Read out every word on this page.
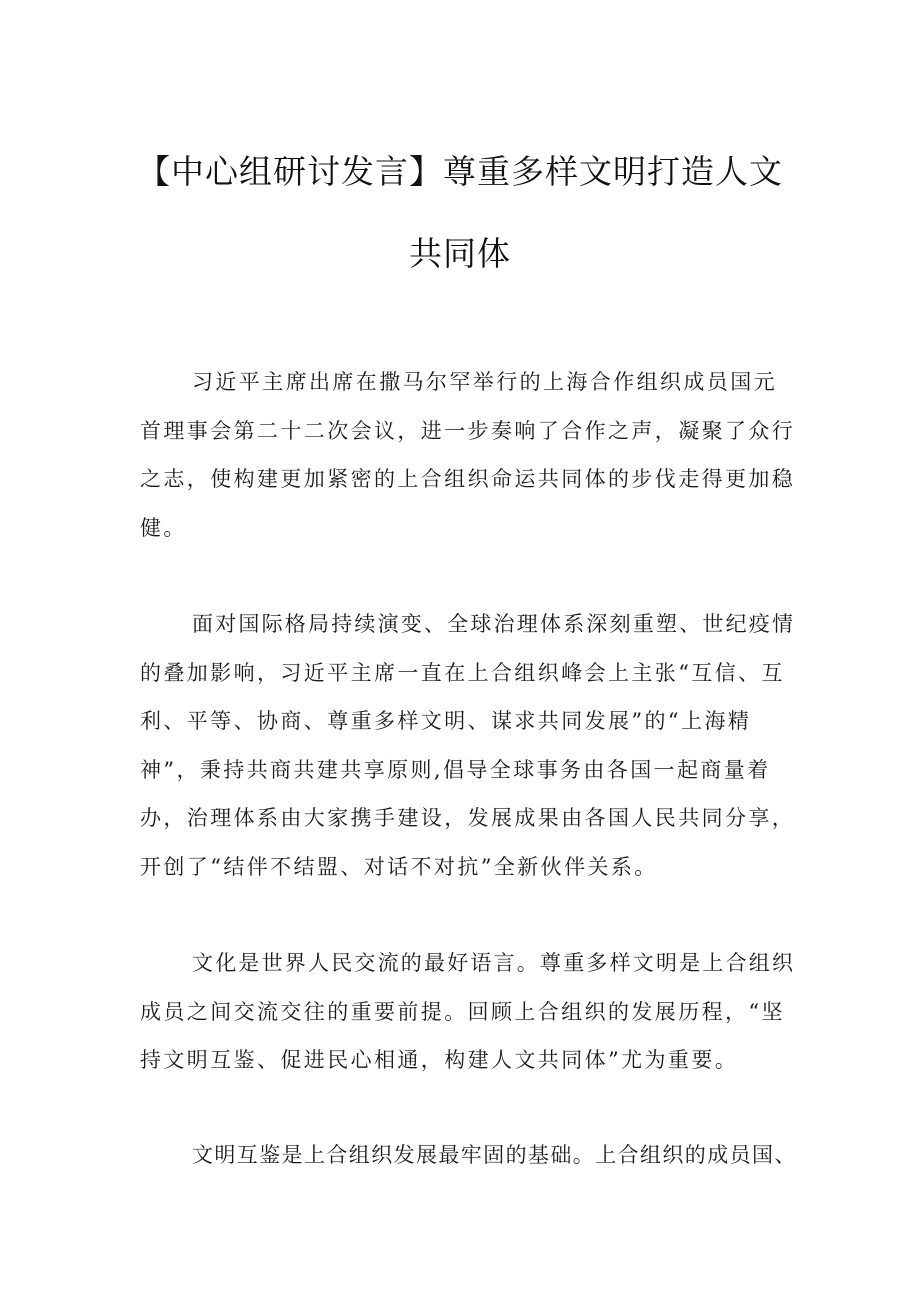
【中心组研讨发言】尊重多样文明打造人文
共同体
习近平主席出席在撒马尔罕举行的上海合作组织成员国元
首理事会第二十二次会议，进一步奏响了合作之声，凝聚了众行
之志，使构建更加紧密的上合组织命运共同体的步伐走得更加稳
健。
面对国际格局持续演变、全球治理体系深刻重塑、世纪疫情
的叠加影响，习近平主席一直在上合组织峰会上主张“互信、互
利、平等、协商、尊重多样文明、谋求共同发展”的“上海精
神”，秉持共商共建共享原则,倡导全球事务由各国一起商量着
办，治理体系由大家携手建设，发展成果由各国人民共同分享，
开创了“结伴不结盟、对话不对抗”全新伙伴关系。
文化是世界人民交流的最好语言。尊重多样文明是上合组织
成员之间交流交往的重要前提。回顾上合组织的发展历程，“坚
持文明互鉴、促进民心相通，构建人文共同体”尤为重要。
文明互鉴是上合组织发展最牢固的基础。上合组织的成员国、
